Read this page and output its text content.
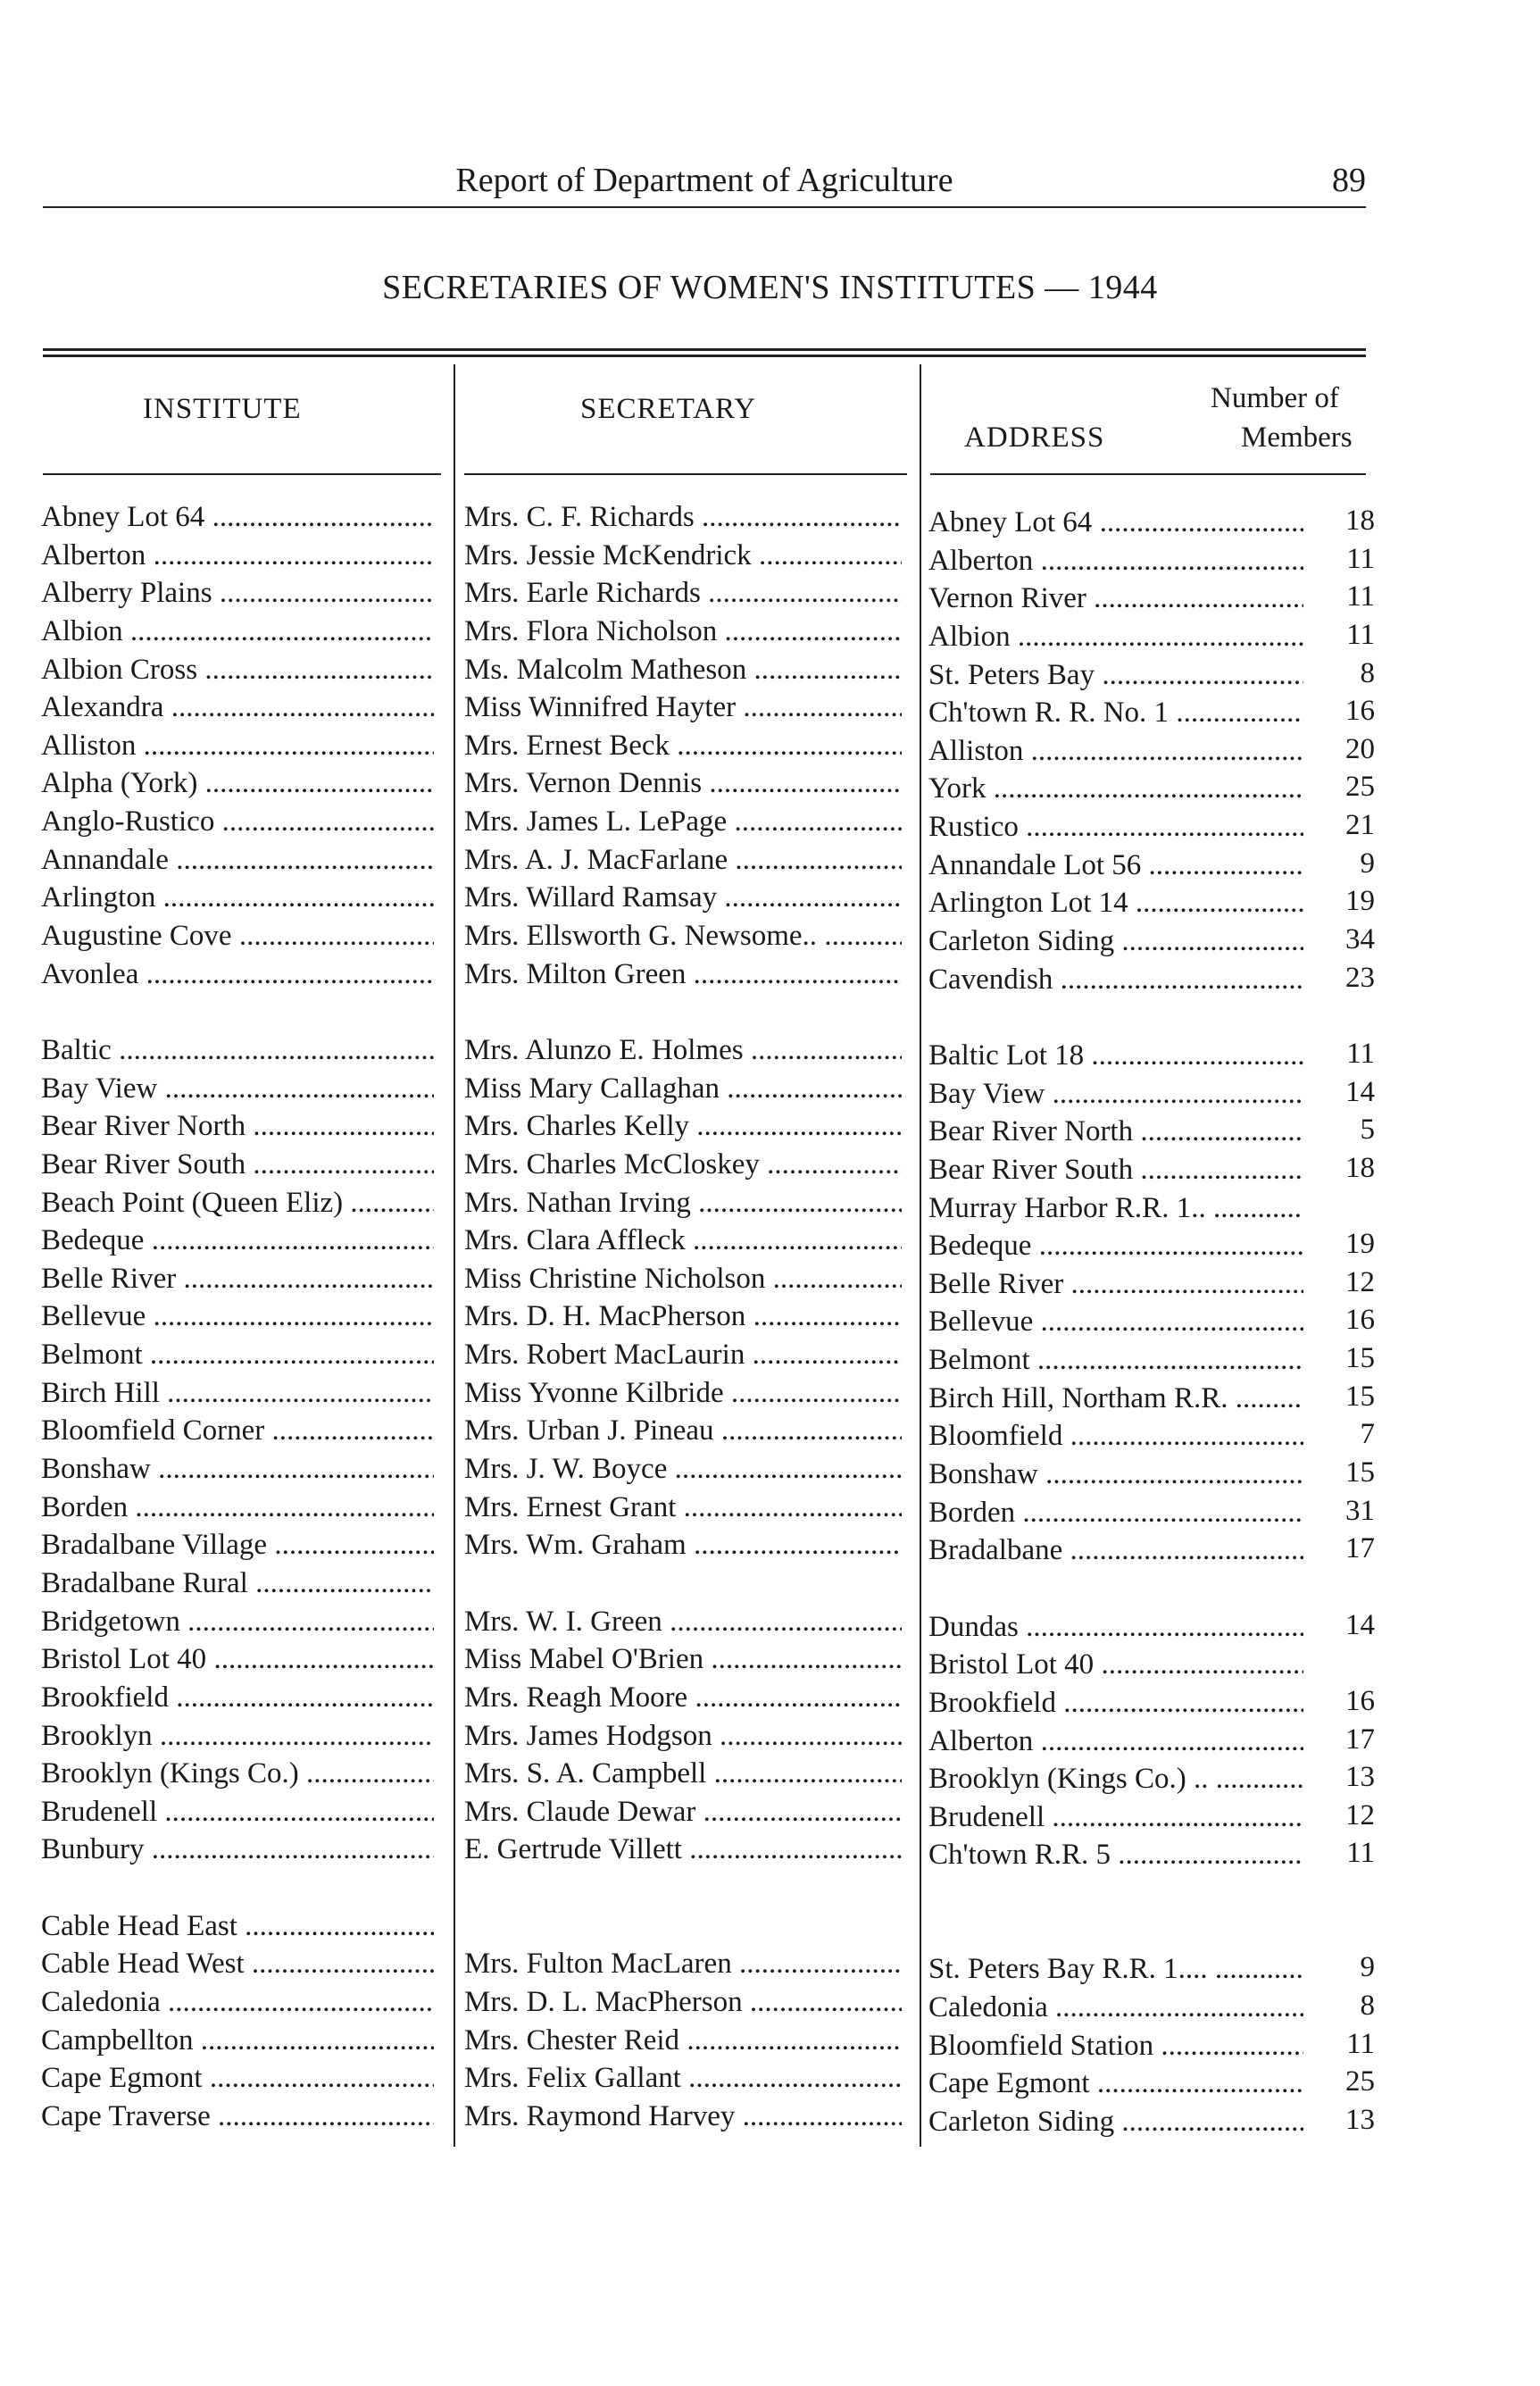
Report of Department of Agriculture	89
SECRETARIES OF WOMEN'S INSTITUTES — 1944
INSTITUTE	SECRETARY
ADDRESS
Number of
Members
Abney Lot 64 .....	Mrs. C. F. Richards .....	Abney Lot 64 .....	18
Alberton .....	Mrs. Jessie McKendrick .....	Alberton .....	11
Alberry Plains .....	Mrs. Earle Richards .....	Vernon River .....	11
Albion .....	Mrs. Flora Nicholson .....	Albion .....	11
Albion Cross .....	Ms. Malcolm Matheson .....	St. Peters Bay .....	8
Alexandra .....	Miss Winnifred Hayter .....	Ch'town R. R. No. 1 .....	16
Alliston .....	Mrs. Ernest Beck .....	Alliston .....	20
Alpha (York) .....	Mrs. Vernon Dennis .....	York .....	25
Anglo-Rustico .....	Mrs. James L. LePage .....	Rustico .....	21
Annandale .....	Mrs. A. J. MacFarlane .....	Annandale Lot 56 .....	9
Arlington .....	Mrs. Willard Ramsay .....	Arlington Lot 14 .....	19
Augustine Cove .....	Mrs. Ellsworth G. Newsome.. .....	Carleton Siding .....	34
Avonlea .....	Mrs. Milton Green .....	Cavendish .....	23
Baltic .....	Mrs. Alunzo E. Holmes .....	Baltic Lot 18 .....	11
Bay View .....	Miss Mary Callaghan .....	Bay View .....	14
Bear River North .....	Mrs. Charles Kelly .....	Bear River North .....	5
Bear River South .....	Mrs. Charles McCloskey .....	Bear River South .....	18
Beach Point (Queen Eliz) .....	Mrs. Nathan Irving .....	Murray Harbor R.R. 1.. .....
Bedeque .....	Mrs. Clara Affleck .....	Bedeque .....	19
Belle River .....	Miss Christine Nicholson .....	Belle River .....	12
Bellevue .....	Mrs. D. H. MacPherson .....	Bellevue .....	16
Belmont .....	Mrs. Robert MacLaurin .....	Belmont .....	15
Birch Hill .....	Miss Yvonne Kilbride .....	Birch Hill, Northam R.R. .....	15
Bloomfield Corner .....	Mrs. Urban J. Pineau .....	Bloomfield .....	7
Bonshaw .....	Mrs. J. W. Boyce .....	Bonshaw .....	15
Borden .....	Mrs. Ernest Grant .....	Borden .....	31
Bradalbane Village .....	Mrs. Wm. Graham .....	Bradalbane .....	17
Bradalbane Rural .....
Bridgetown .....	Mrs. W. I. Green .....	Dundas .....	14
Bristol Lot 40 .....	Miss Mabel O'Brien .....	Bristol Lot 40 .....
Brookfield .....	Mrs. Reagh Moore .....	Brookfield .....	16
Brooklyn .....	Mrs. James Hodgson .....	Alberton .....	17
Brooklyn (Kings Co.) .....	Mrs. S. A. Campbell .....	Brooklyn (Kings Co.) .. .....	13
Brudenell .....	Mrs. Claude Dewar .....	Brudenell .....	12
Bunbury .....	E. Gertrude Villett .....	Ch'town R.R. 5 .....	11
Cable Head East .....
Cable Head West .....	Mrs. Fulton MacLaren .....	St. Peters Bay R.R. 1.... .....	9
Caledonia .....	Mrs. D. L. MacPherson .....	Caledonia .....	8
Campbellton .....	Mrs. Chester Reid .....	Bloomfield Station .....	11
Cape Egmont .....	Mrs. Felix Gallant .....	Cape Egmont .....	25
Cape Traverse .....	Mrs. Raymond Harvey .....	Carleton Siding .....	13
